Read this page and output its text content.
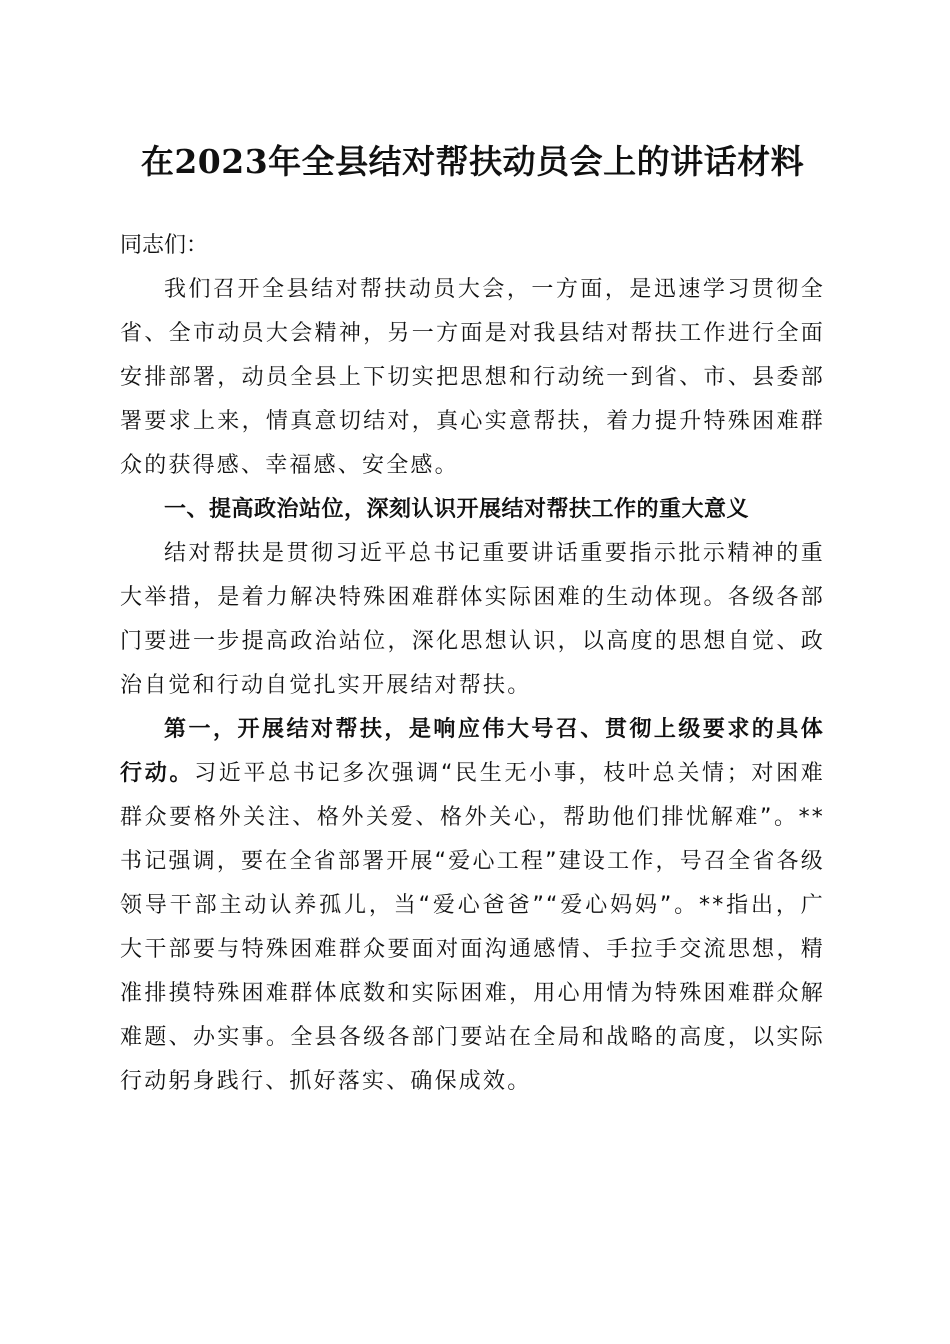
在2023年全县结对帮扶动员会上的讲话材料

同志们：

我们召开全县结对帮扶动员大会，一方面，是迅速学习贯彻全省、全市动员大会精神，另一方面是对我县结对帮扶工作进行全面安排部署，动员全县上下切实把思想和行动统一到省、市、县委部署要求上来，情真意切结对，真心实意帮扶，着力提升特殊困难群众的获得感、幸福感、安全感。

一、提高政治站位，深刻认识开展结对帮扶工作的重大意义

结对帮扶是贯彻习近平总书记重要讲话重要指示批示精神的重大举措，是着力解决特殊困难群体实际困难的生动体现。各级各部门要进一步提高政治站位，深化思想认识，以高度的思想自觉、政治自觉和行动自觉扎实开展结对帮扶。

第一，开展结对帮扶，是响应伟大号召、贯彻上级要求的具体行动。习近平总书记多次强调“民生无小事，枝叶总关情；对困难群众要格外关注、格外关爱、格外关心，帮助他们排忧解难”。**书记强调，要在全省部署开展“爱心工程”建设工作，号召全省各级领导干部主动认养孤儿，当“爱心爸爸”“爱心妈妈”。**指出，广大干部要与特殊困难群众要面对面沟通感情、手拉手交流思想，精准排摸特殊困难群体底数和实际困难，用心用情为特殊困难群众解难题、办实事。全县各级各部门要站在全局和战略的高度，以实际行动躬身践行、抓好落实、确保成效。
